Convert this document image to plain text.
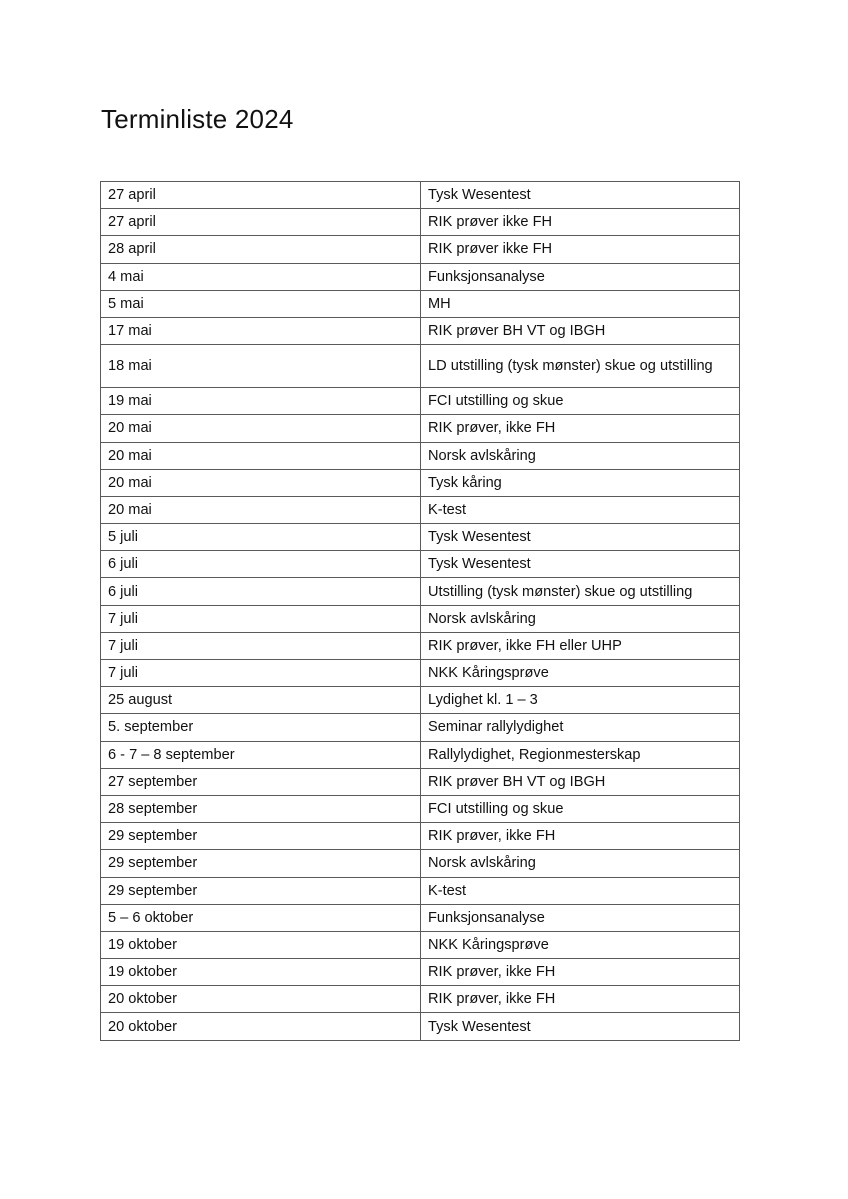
Terminliste 2024
27 april	Tysk Wesentest
27 april	RIK prøver ikke FH
28 april	RIK prøver ikke FH
4 mai	Funksjonsanalyse
5 mai	MH
17 mai	RIK prøver BH VT og IBGH
18 mai	LD utstilling (tysk mønster) skue og utstilling
19 mai	FCI utstilling og skue
20 mai	RIK prøver, ikke FH
20 mai	Norsk avlskåring
20 mai	Tysk kåring
20 mai	K-test
5 juli	Tysk Wesentest
6 juli	Tysk Wesentest
6 juli	Utstilling (tysk mønster) skue og utstilling
7 juli	Norsk avlskåring
7 juli	RIK prøver, ikke FH eller UHP
7 juli	NKK Kåringsprøve
25 august	Lydighet kl. 1 – 3
5. september	Seminar rallylydighet
6 - 7 – 8 september	Rallylydighet, Regionmesterskap
27 september	RIK prøver BH VT og IBGH
28 september	FCI utstilling og skue
29 september	RIK prøver, ikke FH
29 september	Norsk avlskåring
29 september	K-test
5 – 6 oktober	Funksjonsanalyse
19 oktober	NKK Kåringsprøve
19 oktober	RIK prøver, ikke FH
20 oktober	RIK prøver, ikke FH
20 oktober	Tysk Wesentest
